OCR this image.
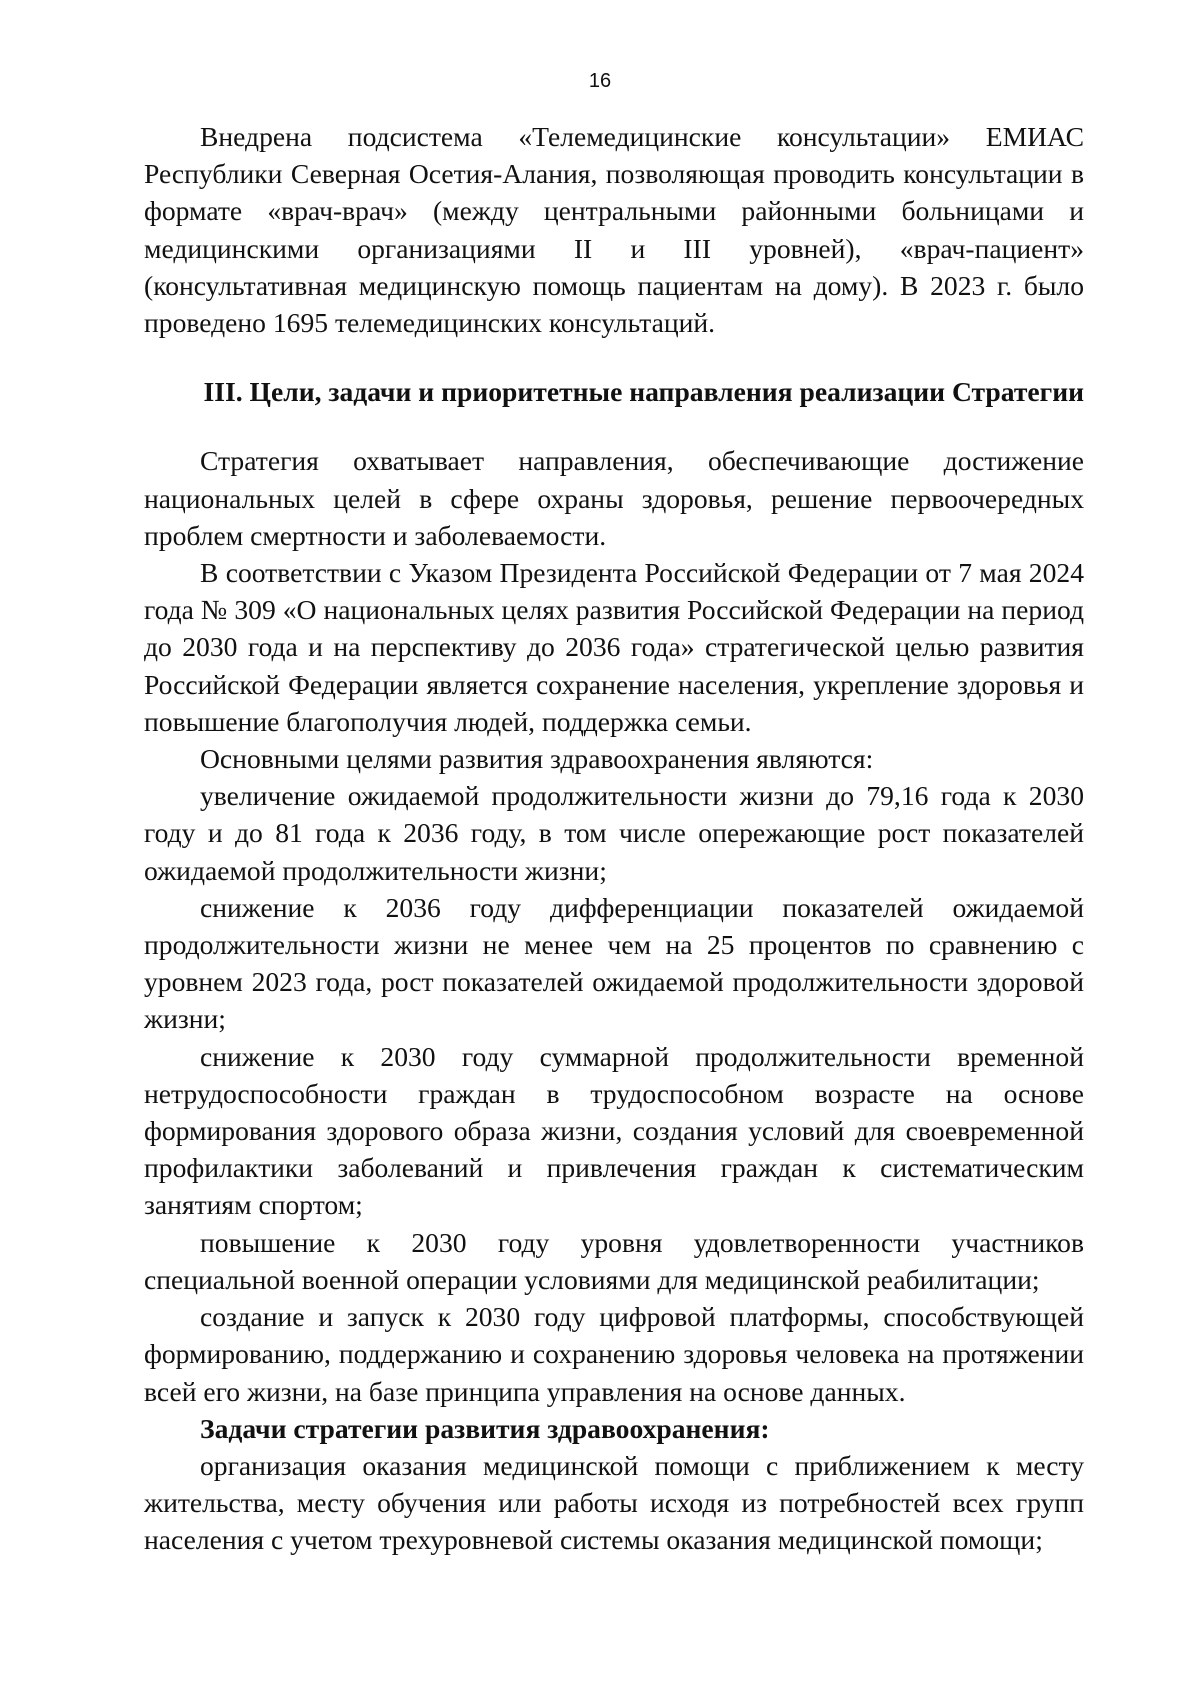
16

Внедрена подсистема «Телемедицинские консультации» ЕМИАС Республики Северная Осетия-Алания, позволяющая проводить консультации в формате «врач-врач» (между центральными районными больницами и медицинскими организациями II и III уровней), «врач-пациент» (консультативная медицинскую помощь пациентам на дому). В 2023 г. было проведено 1695 телемедицинских консультаций.

III. Цели, задачи и приоритетные направления реализации Стратегии

Стратегия охватывает направления, обеспечивающие достижение национальных целей в сфере охраны здоровья, решение первоочередных проблем смертности и заболеваемости.

В соответствии с Указом Президента Российской Федерации от 7 мая 2024 года № 309 «О национальных целях развития Российской Федерации на период до 2030 года и на перспективу до 2036 года» стратегической целью развития Российской Федерации является сохранение населения, укрепление здоровья и повышение благополучия людей, поддержка семьи.

Основными целями развития здравоохранения являются:

увеличение ожидаемой продолжительности жизни до 79,16 года к 2030 году и до 81 года к 2036 году, в том числе опережающие рост показателей ожидаемой продолжительности жизни;

снижение к 2036 году дифференциации показателей ожидаемой продолжительности жизни не менее чем на 25 процентов по сравнению с уровнем 2023 года, рост показателей ожидаемой продолжительности здоровой жизни;

снижение к 2030 году суммарной продолжительности временной нетрудоспособности граждан в трудоспособном возрасте на основе формирования здорового образа жизни, создания условий для своевременной профилактики заболеваний и привлечения граждан к систематическим занятиям спортом;

повышение к 2030 году уровня удовлетворенности участников специальной военной операции условиями для медицинской реабилитации;

создание и запуск к 2030 году цифровой платформы, способствующей формированию, поддержанию и сохранению здоровья человека на протяжении всей его жизни, на базе принципа управления на основе данных.

Задачи стратегии развития здравоохранения:

организация оказания медицинской помощи с приближением к месту жительства, месту обучения или работы исходя из потребностей всех групп населения с учетом трехуровневой системы оказания медицинской помощи;
